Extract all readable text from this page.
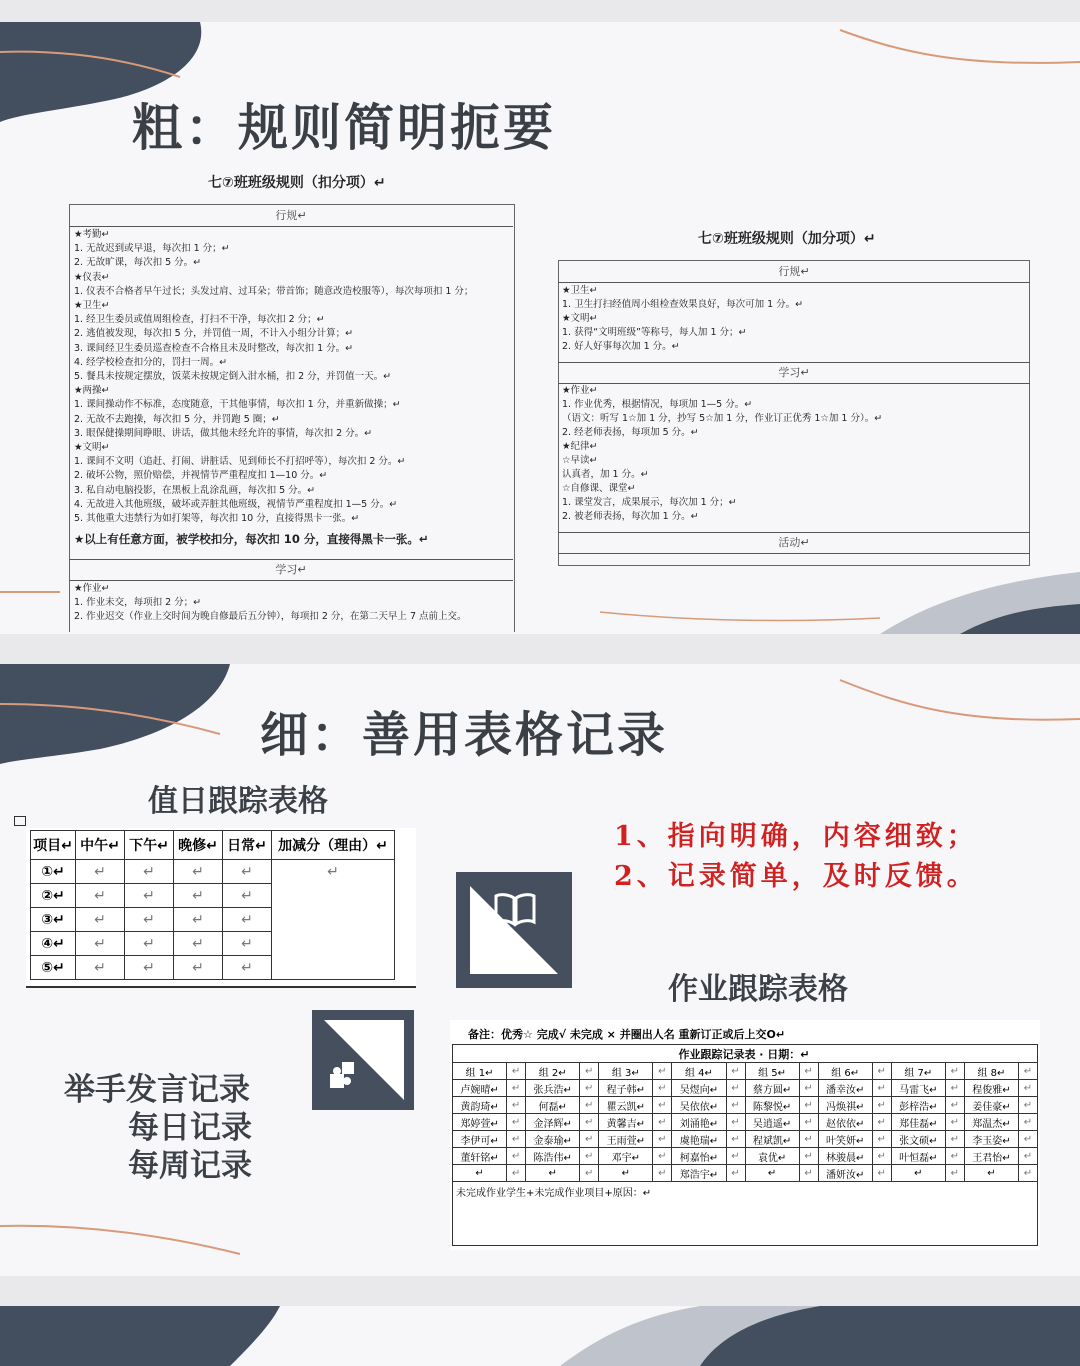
粗：规则简明扼要
七⑦班班级规则（扣分项）↵
行规↵
★考勤↵
1. 无故迟到或早退，每次扣 1 分；↵
2. 无故旷课，每次扣 5 分。↵
★仪表↵
1. 仪表不合格者早午过长；头发过肩、过耳朵；带首饰；随意改造校服等），每次每项扣 1 分；
★卫生↵
1. 经卫生委员或值周组检查，打扫不干净，每次扣 2 分；↵
2. 逃值被发现，每次扣 5 分，并罚值一周，不计入小组分计算；↵
3. 课间经卫生委员巡查检查不合格且未及时整改，每次扣 1 分。↵
4. 经学校检查扣分的，罚扫一周。↵
5. 餐具未按规定摆放，饭菜未按规定倒入泔水桶，扣 2 分，并罚值一天。↵
★两操↵
1. 课间操动作不标准，态度随意，干其他事情，每次扣 1 分，并重新做操；↵
2. 无故不去跑操，每次扣 5 分，并罚跑 5 圈；↵
3. 眼保健操期间睁眼、讲话，做其他未经允许的事情，每次扣 2 分。↵
★文明↵
1. 课间不文明（追赶、打闹、讲脏话、见到师长不打招呼等），每次扣 2 分。↵
2. 破坏公物，照价赔偿，并视情节严重程度扣 1—10 分。↵
3. 私自动电脑投影，在黑板上乱涂乱画，每次扣 5 分。↵
4. 无故进入其他班级，破坏或弄脏其他班级，视情节严重程度扣 1—5 分。↵
5. 其他重大违禁行为如打架等，每次扣 10 分，直接得黑卡一张。↵
★以上有任意方面，被学校扣分，每次扣 10 分，直接得黑卡一张。↵
学习↵
★作业↵
1. 作业未交，每项扣 2 分；↵
2. 作业迟交（作业上交时间为晚自修最后五分钟），每项扣 2 分，在第二天早上 7 点前上交。
七⑦班班级规则（加分项）↵
行规↵
★卫生↵
1. 卫生打扫经值周小组检查效果良好，每次可加 1 分。↵
★文明↵
1. 获得“文明班级”等称号，每人加 1 分；↵
2. 好人好事每次加 1 分。↵
学习↵
★作业↵
1. 作业优秀，根据情况，每项加 1—5 分。↵
（语文：听写 1☆加 1 分，抄写 5☆加 1 分，作业订正优秀 1☆加 1 分）。↵
2. 经老师表扬，每项加 5 分。↵
★纪律↵
☆早读↵
认真者，加 1 分。↵
☆自修课、课堂↵
1. 课堂发言，成果展示，每次加 1 分；↵
2. 被老师表扬，每次加 1 分。↵
活动↵
细：善用表格记录
值日跟踪表格
项目↵	中午↵	下午↵	晚修↵	日常↵	加减分（理由）↵
①↵	↵	↵	↵	↵	↵
②↵	↵	↵	↵	↵	
③↵	↵	↵	↵	↵	
④↵	↵	↵	↵	↵	
⑤↵	↵	↵	↵	↵	
1、指向明确，内容细致；
2、记录简单，及时反馈。
作业跟踪表格
举手发言记录
每日记录
每周记录
备注：优秀☆ 完成√ 未完成 × 并圈出人名 重新订正或后上交O↵
作业跟踪记录表 · 日期：↵
组 1↵	↵	组 2↵	↵	组 3↵	↵	组 4↵	↵	组 5↵	↵	组 6↵	↵	组 7↵	↵	组 8↵	↵
卢婉晴↵	↵	张兵浩↵	↵	程子韩↵	↵	吴煜向↵	↵	蔡方圆↵	↵	潘幸汝↵	↵	马雷飞↵	↵	程俊雅↵	↵
黄韵琦↵	↵	何磊↵	↵	瞿云凯↵	↵	吴依依↵	↵	陈黎悦↵	↵	冯焕祺↵	↵	彭梓浩↵	↵	姜佳豪↵	↵
郑婷萱↵	↵	金泽辉↵	↵	黄馨吉↵	↵	刘涌艳↵	↵	吴逍遥↵	↵	赵依依↵	↵	郑佳磊↵	↵	郑温杰↵	↵
李伊可↵	↵	金泰瑜↵	↵	王雨萱↵	↵	虞艳瑞↵	↵	程斌凯↵	↵	叶笑妍↵	↵	张文硕↵	↵	李玉姿↵	↵
董轩铭↵	↵	陈浩伟↵	↵	邓宇↵	↵	柯嘉怡↵	↵	袁优↵	↵	林骏晨↵	↵	叶恒磊↵	↵	王君怡↵	↵
↵	↵	↵	↵	↵	↵	郑浩宇↵	↵	↵	↵	潘妍汝↵	↵	↵	↵	↵	↵
未完成作业学生+未完成作业项目+原因：↵
